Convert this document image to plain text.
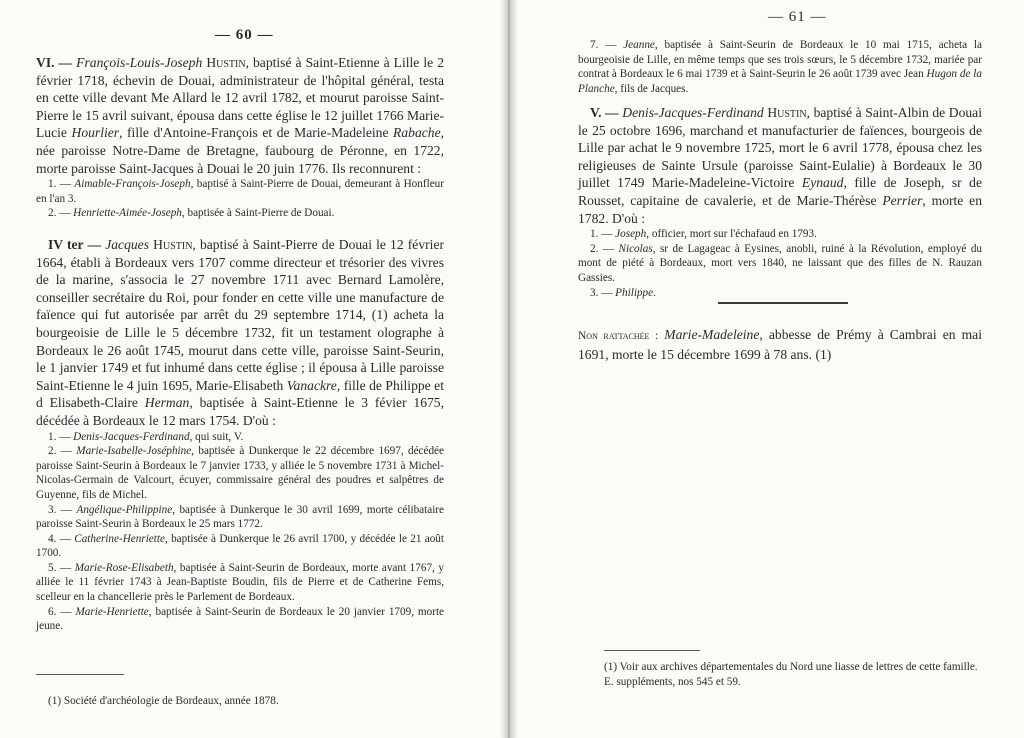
— 60 —

VI. — François-Louis-Joseph Hustin, baptisé à Saint-Etienne à Lille le 2 février 1718, échevin de Douai, administrateur de l'hôpital général, testa en cette ville devant Me Allard le 12 avril 1782, et mourut paroisse Saint-Pierre le 15 avril suivant, épousa dans cette église le 12 juillet 1766 Marie-Lucie Hourlier, fille d'Antoine-François et de Marie-Madeleine Rabache, née paroisse Notre-Dame de Bretagne, faubourg de Péronne, en 1722, morte paroisse Saint-Jacques à Douai le 20 juin 1776. Ils reconnurent :

1. — Aimable-François-Joseph, baptisé à Saint-Pierre de Douai, demeurant à Honfleur en l'an 3.

2. — Henriette-Aimée-Joseph, baptisée à Saint-Pierre de Douai.

IV ter — Jacques Hustin, baptisé à Saint-Pierre de Douai le 12 février 1664, établi à Bordeaux vers 1707 comme directeur et trésorier des vivres de la marine, s'associa le 27 novembre 1711 avec Bernard Lamolère, conseiller secrétaire du Roi, pour fonder en cette ville une manufacture de faïence qui fut autorisée par arrêt du 29 septembre 1714, (1) acheta la bourgeoisie de Lille le 5 décembre 1732, fit un testament olographe à Bordeaux le 26 août 1745, mourut dans cette ville, paroisse Saint-Seurin, le 1 janvier 1749 et fut inhumé dans cette église ; il épousa à Lille paroisse Saint-Etienne le 4 juin 1695, Marie-Elisabeth Vanackre, fille de Philippe et d Elisabeth-Claire Herman, baptisée à Saint-Etienne le 3 févier 1675, décédée à Bordeaux le 12 mars 1754. D'où :

1. — Denis-Jacques-Ferdinand, qui suit, V.

2. — Marie-Isabelle-Joséphine, baptisée à Dunkerque le 22 décembre 1697, décédée paroisse Saint-Seurin à Bordeaux le 7 janvier 1733, y alliée le 5 novembre 1731 à Michel-Nicolas-Germain de Valcourt, écuyer, commissaire général des poudres et salpêtres de Guyenne, fils de Michel.

3. — Angélique-Philippine, baptisée à Dunkerque le 30 avril 1699, morte célibataire paroisse Saint-Seurin à Bordeaux le 25 mars 1772.

4. — Catherine-Henriette, baptisée à Dunkerque le 26 avril 1700, y décédée le 21 août 1700.

5. — Marie-Rose-Elisabeth, baptisée à Saint-Seurin de Bordeaux, morte avant 1767, y alliée le 11 février 1743 à Jean-Baptiste Boudin, fils de Pierre et de Catherine Fems, scelleur en la chancellerie près le Parlement de Bordeaux.

6. — Marie-Henriette, baptisée à Saint-Seurin de Bordeaux le 20 janvier 1709, morte jeune.

(1) Société d'archéologie de Bordeaux, année 1878.
— 61 —

7. — Jeanne, baptisée à Saint-Seurin de Bordeaux le 10 mai 1715, acheta la bourgeoisie de Lille, en même temps que ses trois sœurs, le 5 décembre 1732, mariée par contrat à Bordeaux le 6 mai 1739 et à Saint-Seurin le 26 août 1739 avec Jean Hugon de la Planche, fils de Jacques.

V. — Denis-Jacques-Ferdinand Hustin, baptisé à Saint-Albin de Douai le 25 octobre 1696, marchand et manufacturier de faïences, bourgeois de Lille par achat le 9 novembre 1725, mort le 6 avril 1778, épousa chez les religieuses de Sainte Ursule (paroisse Saint-Eulalie) à Bordeaux le 30 juillet 1749 Marie-Madeleine-Victoire Eynaud, fille de Joseph, sr de Rousset, capitaine de cavalerie, et de Marie-Thérèse Perrier, morte en 1782. D'où :

1. — Joseph, officier, mort sur l'échafaud en 1793.

2. — Nicolas, sr de Lagageac à Eysines, anobli, ruiné à la Révolution, employé du mont de piété à Bordeaux, mort vers 1840, ne laissant que des filles de N. Rauzan Gassies.

3. — Philippe.

Non rattachée : Marie-Madeleine, abbesse de Prémy à Cambrai en mai 1691, morte le 15 décembre 1699 à 78 ans. (1)

(1) Voir aux archives départementales du Nord une liasse de lettres de cette famille. E. suppléments, nos 545 et 59.
